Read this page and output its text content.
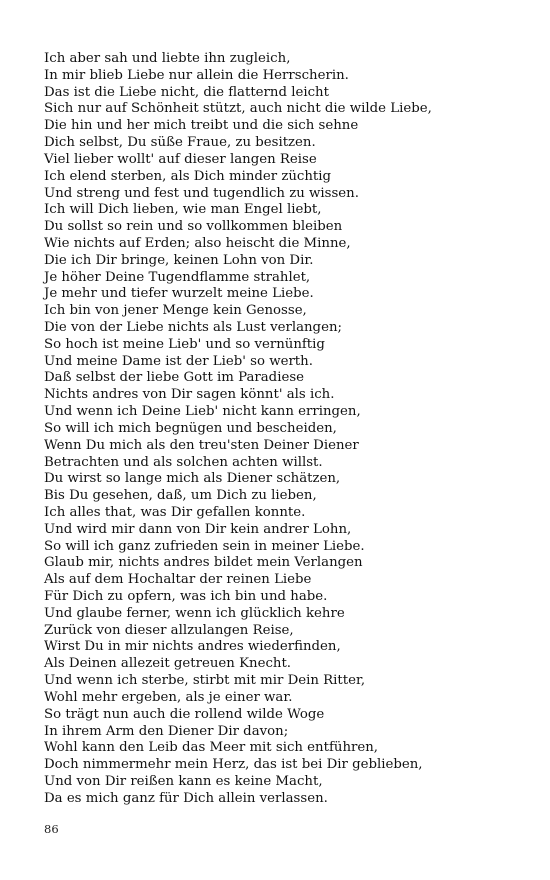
Ich aber sah und liebte ihn zugleich,
In mir blieb Liebe nur allein die Herrscherin.
Das ist die Liebe nicht, die flatternd leicht
Sich nur auf Schönheit stützt, auch nicht die wilde Liebe,
Die hin und her mich treibt und die sich sehne
Dich selbst, Du süße Fraue, zu besitzen.
Viel lieber wollt' auf dieser langen Reise
Ich elend sterben, als Dich minder züchtig
Und streng und fest und tugendlich zu wissen.
Ich will Dich lieben, wie man Engel liebt,
Du sollst so rein und so vollkommen bleiben
Wie nichts auf Erden; also heischt die Minne,
Die ich Dir bringe, keinen Lohn von Dir.
Je höher Deine Tugendflamme strahlet,
Je mehr und tiefer wurzelt meine Liebe.
Ich bin von jener Menge kein Genosse,
Die von der Liebe nichts als Lust verlangen;
So hoch ist meine Lieb' und so vernünftig
Und meine Dame ist der Lieb' so werth.
Daß selbst der liebe Gott im Paradiese
Nichts andres von Dir sagen könnt' als ich.
Und wenn ich Deine Lieb' nicht kann erringen,
So will ich mich begnügen und bescheiden,
Wenn Du mich als den treu'sten Deiner Diener
Betrachten und als solchen achten willst.
Du wirst so lange mich als Diener schätzen,
Bis Du gesehen, daß, um Dich zu lieben,
Ich alles that, was Dir gefallen konnte.
Und wird mir dann von Dir kein andrer Lohn,
So will ich ganz zufrieden sein in meiner Liebe.
Glaub mir, nichts andres bildet mein Verlangen
Als auf dem Hochaltar der reinen Liebe
Für Dich zu opfern, was ich bin und habe.
Und glaube ferner, wenn ich glücklich kehre
Zurück von dieser allzulangen Reise,
Wirst Du in mir nichts andres wiederfinden,
Als Deinen allezeit getreuen Knecht.
Und wenn ich sterbe, stirbt mit mir Dein Ritter,
Wohl mehr ergeben, als je einer war.
So trägt nun auch die rollend wilde Woge
In ihrem Arm den Diener Dir davon;
Wohl kann den Leib das Meer mit sich entführen,
Doch nimmermehr mein Herz, das ist bei Dir geblieben,
Und von Dir reißen kann es keine Macht,
Da es mich ganz für Dich allein verlassen.
86
